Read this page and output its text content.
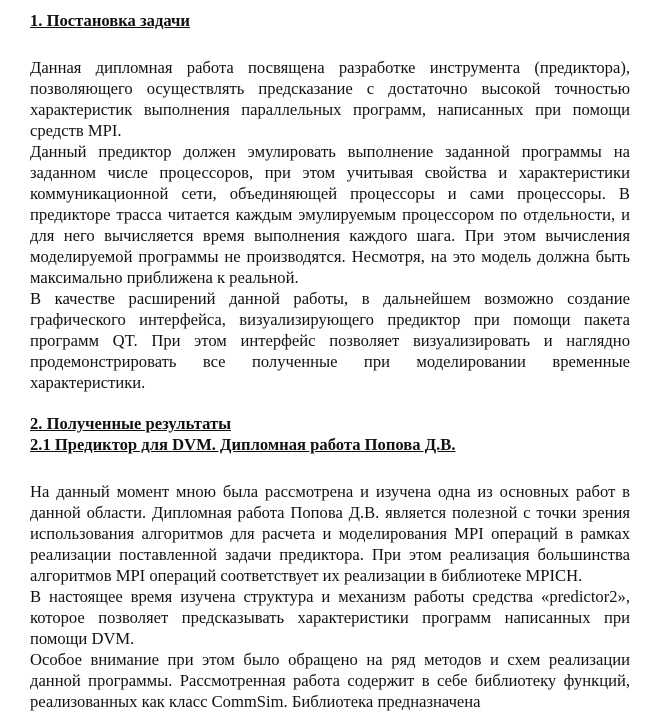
1. Постановка задачи

Данная дипломная работа посвящена разработке инструмента (предиктора), позволяющего осуществлять предсказание с достаточно высокой точностью характеристик выполнения параллельных программ, написанных при помощи средств MPI.

Данный предиктор должен эмулировать выполнение заданной программы на заданном числе процессоров, при этом учитывая свойства и характеристики коммуникационной сети, объединяющей процессоры и сами процессоры. В предикторе трасса читается каждым эмулируемым процессором по отдельности, и для него вычисляется время выполнения каждого шага. При этом вычисления моделируемой программы не производятся. Несмотря, на это модель должна быть максимально приближена к реальной.

В качестве расширений данной работы, в дальнейшем возможно создание графического интерфейса, визуализирующего предиктор при помощи пакета программ QT. При этом интерфейс позволяет визуализировать и наглядно продемонстрировать все полученные при моделировании временные характеристики.

2. Полученные результаты

2.1 Предиктор для DVM. Дипломная работа Попова Д.В.

На данный момент мною была рассмотрена и изучена одна из основных работ в данной области. Дипломная работа Попова Д.В. является полезной с точки зрения использования алгоритмов для расчета и моделирования MPI операций в рамках реализации поставленной задачи предиктора. При этом реализация большинства алгоритмов MPI операций соответствует их реализации в библиотеке MPICH.

В настоящее время изучена структура и механизм работы средства «predictor2», которое позволяет предсказывать характеристики программ написанных при помощи DVM.

Особое внимание при этом было обращено на ряд методов и схем реализации данной программы. Рассмотренная работа содержит в себе библиотеку функций, реализованных как класс CommSim. Библиотека предназначена
